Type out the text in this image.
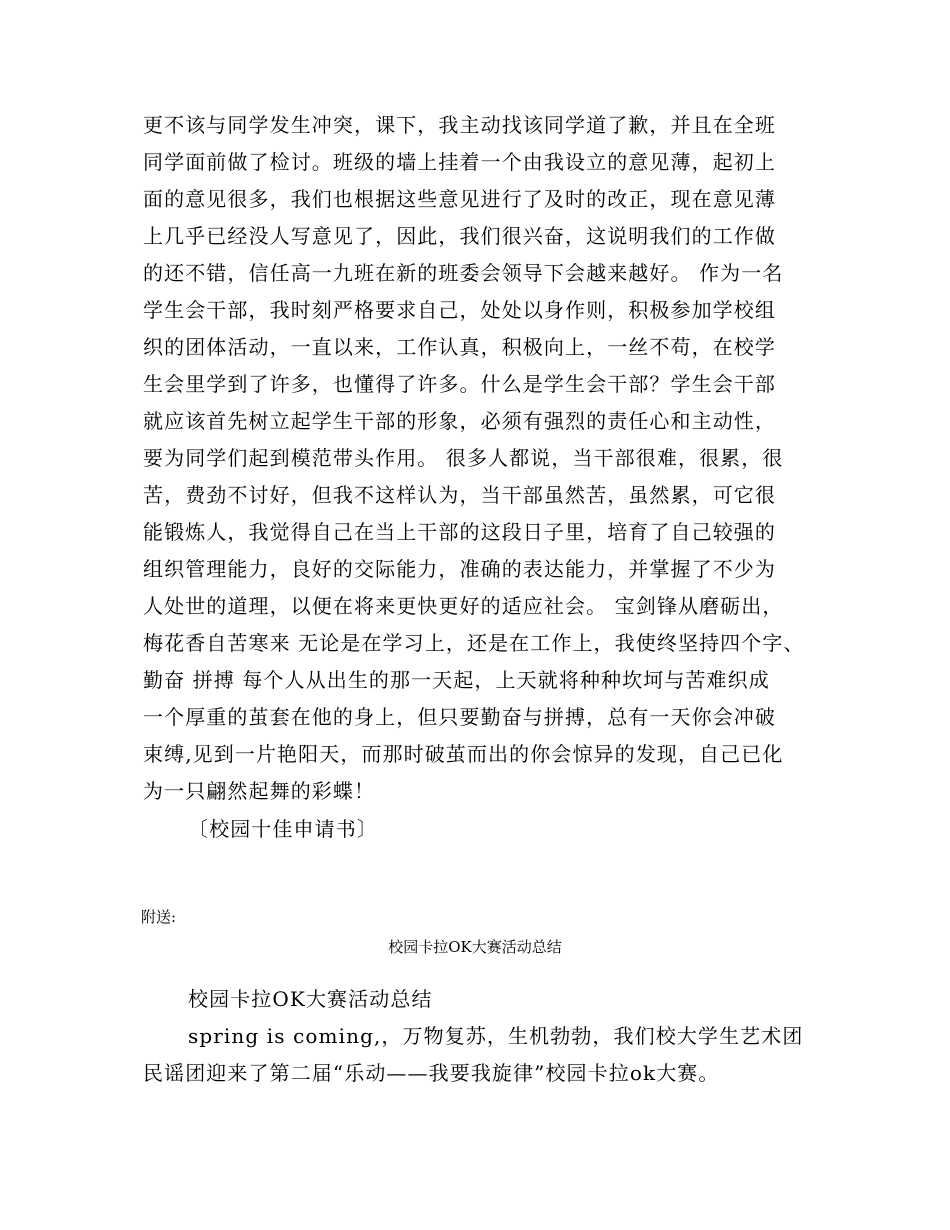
更不该与同学发生冲突，课下，我主动找该同学道了歉，并且在全班
同学面前做了检讨。班级的墙上挂着一个由我设立的意见薄，起初上
面的意见很多，我们也根据这些意见进行了及时的改正，现在意见薄
上几乎已经没人写意见了，因此，我们很兴奋，这说明我们的工作做
的还不错，信任高一九班在新的班委会领导下会越来越好。 作为一名
学生会干部，我时刻严格要求自己，处处以身作则，积极参加学校组
织的团体活动，一直以来，工作认真，积极向上，一丝不苟，在校学
生会里学到了许多，也懂得了许多。什么是学生会干部？学生会干部
就应该首先树立起学生干部的形象，必须有强烈的责任心和主动性，
要为同学们起到模范带头作用。 很多人都说，当干部很难，很累，很
苦，费劲不讨好，但我不这样认为，当干部虽然苦，虽然累，可它很
能锻炼人，我觉得自己在当上干部的这段日子里，培育了自己较强的
组织管理能力，良好的交际能力，准确的表达能力，并掌握了不少为
人处世的道理，以便在将来更快更好的适应社会。 宝剑锋从磨砺出，
梅花香自苦寒来 无论是在学习上，还是在工作上，我使终坚持四个字、
勤奋 拼搏 每个人从出生的那一天起，上天就将种种坎坷与苦难织成
一个厚重的茧套在他的身上，但只要勤奋与拼搏，总有一天你会冲破
束缚,见到一片艳阳天，而那时破茧而出的你会惊异的发现，自己已化
为一只翩然起舞的彩蝶！
〔校园十佳申请书〕
附送:
校园卡拉OK大赛活动总结
校园卡拉OK大赛活动总结
spring is coming,，万物复苏，生机勃勃，我们校大学生艺术团
民谣团迎来了第二届“乐动——我要我旋律”校园卡拉ok大赛。
